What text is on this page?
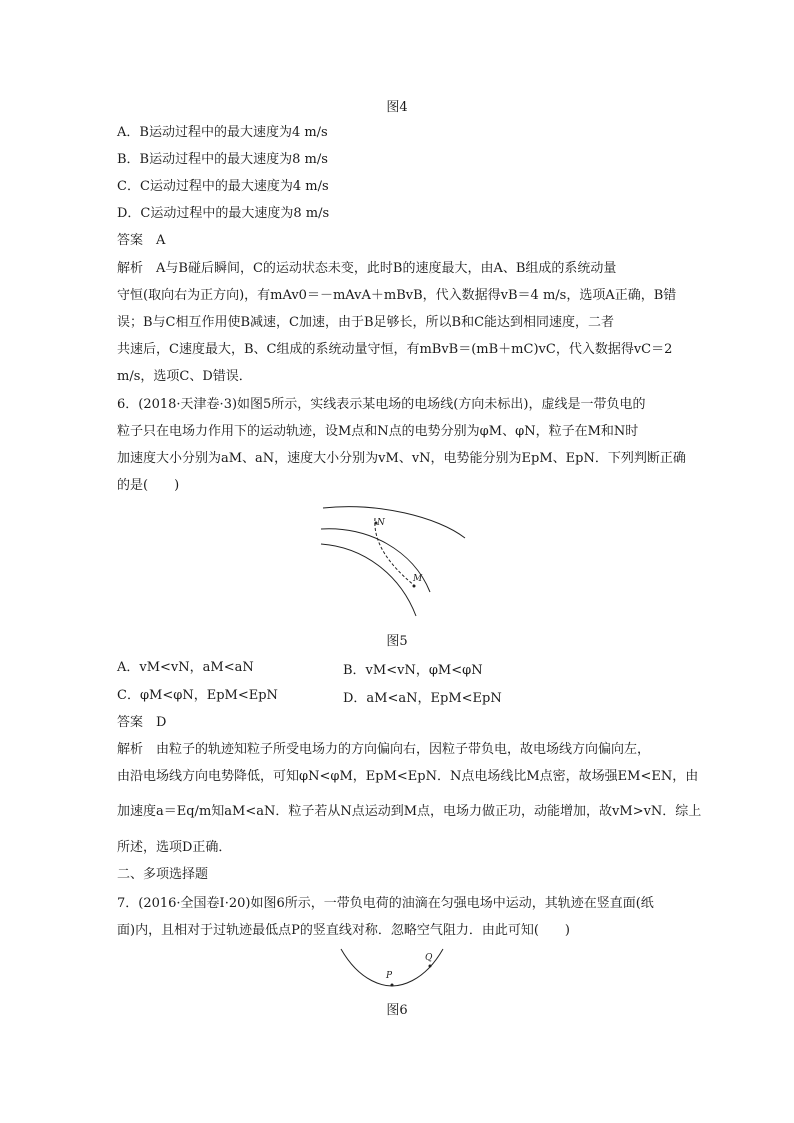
图4
A．B运动过程中的最大速度为4 m/s
B．B运动过程中的最大速度为8 m/s
C．C运动过程中的最大速度为4 m/s
D．C运动过程中的最大速度为8 m/s
答案　A
解析　A与B碰后瞬间，C的运动状态未变，此时B的速度最大，由A、B组成的系统动量
守恒(取向右为正方向)，有mAv0＝－mAvA＋mBvB，代入数据得vB＝4 m/s，选项A正确，B错
误；B与C相互作用使B减速，C加速，由于B足够长，所以B和C能达到相同速度，二者
共速后，C速度最大，B、C组成的系统动量守恒，有mBvB＝(mB＋mC)vC，代入数据得vC＝2
m/s，选项C、D错误．
6．(2018·天津卷·3)如图5所示，实线表示某电场的电场线(方向未标出)，虚线是一带负电的
粒子只在电场力作用下的运动轨迹，设M点和N点的电势分别为φM、φN，粒子在M和N时
加速度大小分别为aM、aN，速度大小分别为vM、vN，电势能分别为EpM、EpN．下列判断正确
的是(　　)
N
M
图5
A．vM<vN，aM<aN	B．vM<vN，φM<φN
C．φM<φN，EpM<EpN	D．aM<aN，EpM<EpN
答案　D
解析　由粒子的轨迹知粒子所受电场力的方向偏向右，因粒子带负电，故电场线方向偏向左，
由沿电场线方向电势降低，可知φN<φM，EpM<EpN．N点电场线比M点密，故场强EM<EN，由
加速度a＝Eq/m知aM<aN．粒子若从N点运动到M点，电场力做正功，动能增加，故vM>vN．综上
所述，选项D正确．
二、多项选择题
7．(2016·全国卷Ⅰ·20)如图6所示，一带负电荷的油滴在匀强电场中运动，其轨迹在竖直面(纸
面)内，且相对于过轨迹最低点P的竖直线对称．忽略空气阻力．由此可知(　　)
P
Q
图6
